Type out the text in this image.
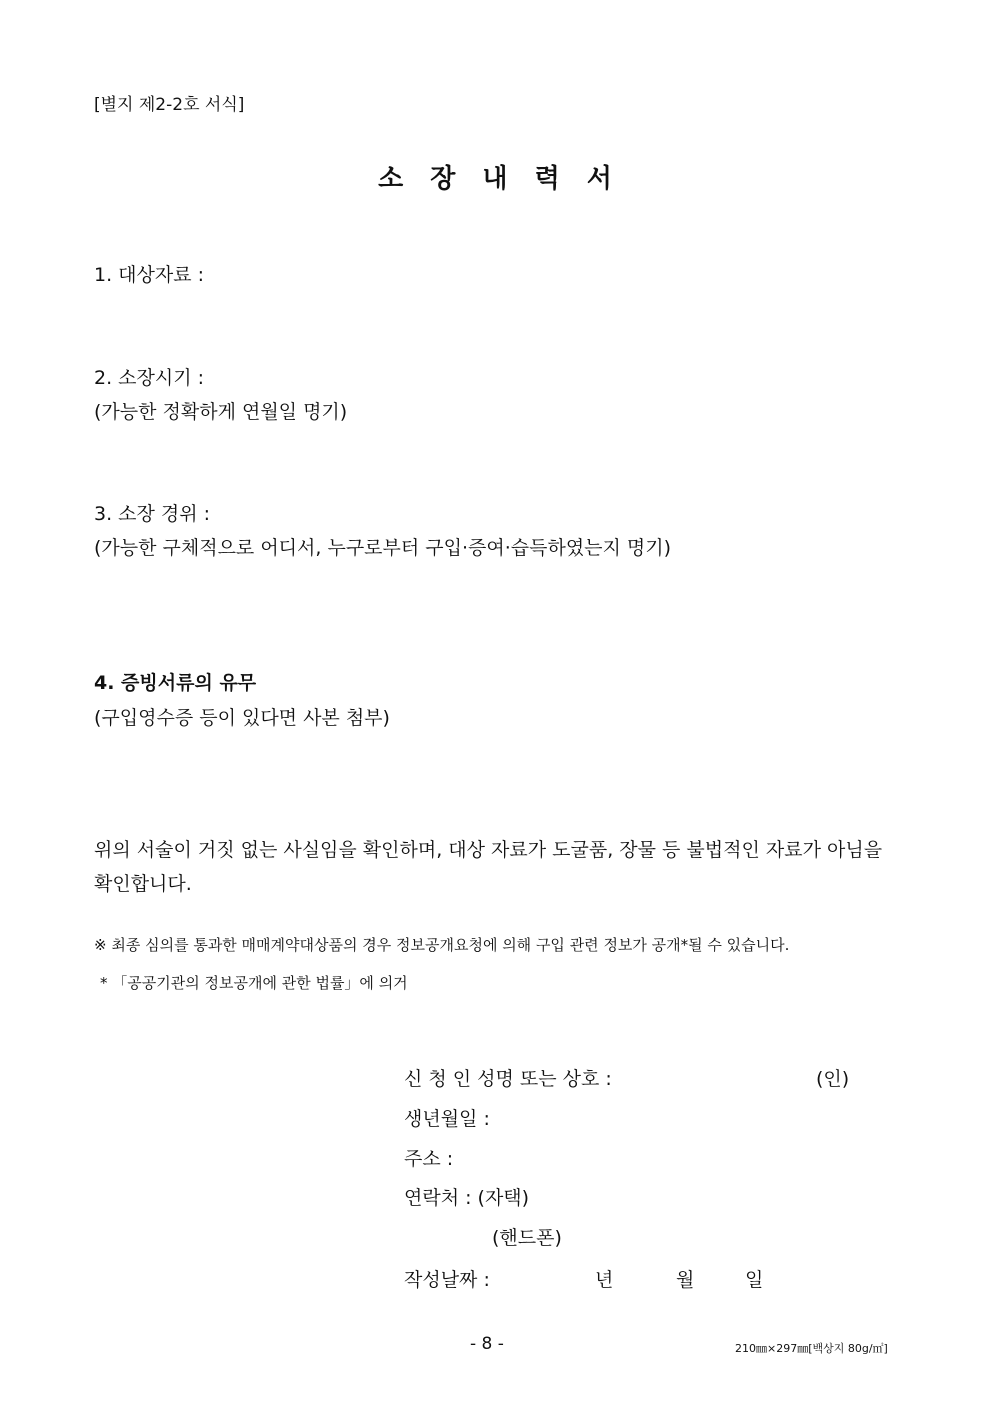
[별지 제2-2호 서식]
소 장 내 력 서
1. 대상자료 :
2. 소장시기 :
(가능한 정확하게 연월일 명기)
3. 소장 경위 :
(가능한 구체적으로 어디서, 누구로부터 구입·증여·습득하였는지 명기)
4. 증빙서류의 유무
(구입영수증 등이 있다면 사본 첨부)
위의 서술이 거짓 없는 사실임을 확인하며, 대상 자료가 도굴품, 장물 등 불법적인 자료가 아님을 확인합니다.
※ 최종 심의를 통과한 매매계약대상품의 경우 정보공개요청에 의해 구입 관련 정보가 공개*될 수 있습니다.
* 「공공기관의 정보공개에 관한 법률」에 의거
신 청 인 성명 또는 상호 :	(인)
생년월일 :
주소 :
연락처 : (자택)
(핸드폰)
작성날짜 :	년	월	일
- 8 -	210㎜×297㎜[백상지 80g/㎡]
